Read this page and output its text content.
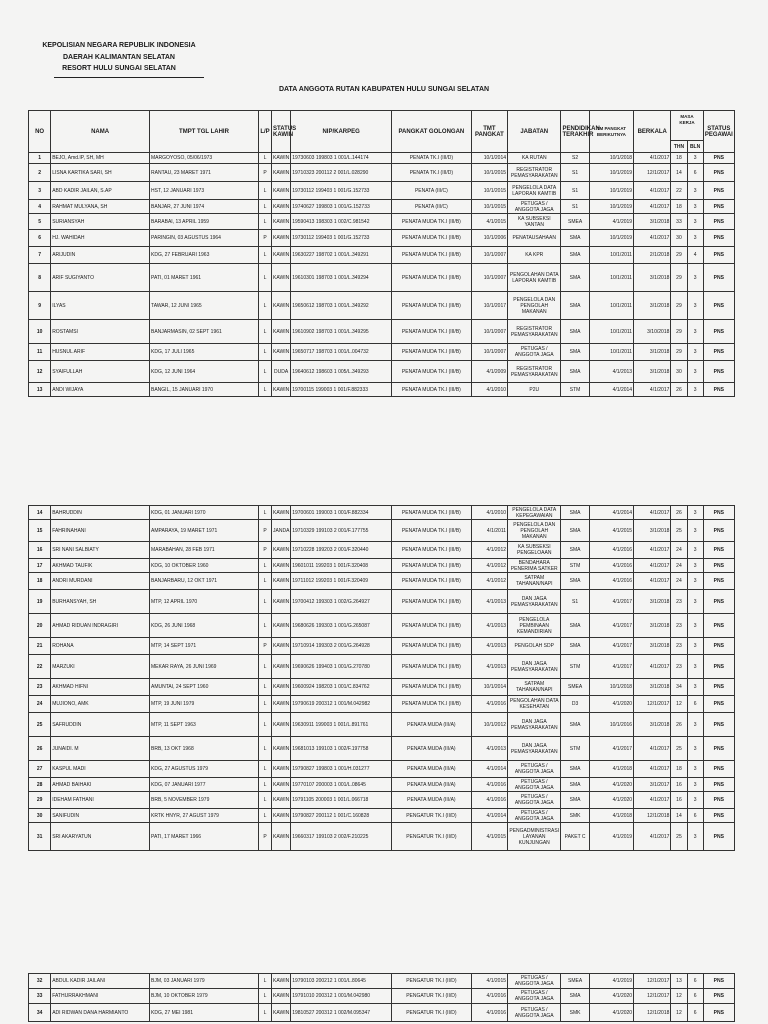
KEPOLISIAN NEGARA REPUBLIK INDONESIA
DAERAH KALIMANTAN SELATAN
RESORT HULU SUNGAI SELATAN
DATA ANGGOTA RUTAN KABUPATEN HULU SUNGAI SELATAN
NO	NAMA	TMPT TGL LAHIR	L/P	STATUS KAWIN	NIP/KARPEG	PANGKAT GOLONGAN	TMT PANGKAT	JABATAN	PENDIDIKAN TERAKHIR	TM PANGKAT BERIKUTNYA	BERKALA	MASA KERJA		STATUS PEGAWAI
												THN	BLN	
1	BEJO, Amd.IP, SH, MH	MARGOYOSO, 05/06/1973	L	KAWIN	19730603 199803 1 001/L.144174	PENATA TK.I (III/D)	10/1/2014	KA RUTAN	S2	10/1/2018	4/1/2017	18	3	PNS
2	LISNA KARTIKA SARI, SH	RANTAU, 23 MARET 1971	P	KAWIN	19710323 200112 2 001/L.028290	PENATA TK.I (III/D)	10/1/2015	REGISTRATOR PEMASYARAKATAN	S1	10/1/2019	12/1/2017	14	6	PNS
3	ABD KADIR JAILAN, S.AP	HST, 12 JANUARI 1973	L	KAWIN	19730112 199403 1 001/G.152733	PENATA (III/C)	10/1/2015	PENGELOLA DATA LAPORAN KAMTIB	S1	10/1/2019	4/1/2017	22	3	PNS
4	RAHMAT MULYANA, SH	BANJAR, 27 JUNI 1974	L	KAWIN	19740627 199803 1 001/G.152733	PENATA (III/C)	10/1/2015	PETUGAS / ANGGOTA JAGA	S1	10/1/2019	4/1/2017	18	3	PNS
5	SURIANSYAH	BARABAI, 13 APRIL 1959	L	KAWIN	19590413 198303 1 002/C.981542	PENATA MUDA TK.I (III/B)	4/1/2015	KA SUBSEKSI YANTAN	SMEA	4/1/2019	3/1/2018	33	3	PNS
6	HJ. WAHIDAH	PARINGIN, 03 AGUSTUS 1964	P	KAWIN	19730112 199403 1 001/G.152733	PENATA MUDA TK.I (III/B)	10/1/2006	PENATAUSAHAAN	SMA	10/1/2019	4/1/2017	30	3	PNS
7	ARIJUDIN	KDG, 27 FEBRUARI 1963	L	KAWIN	19630227 198702 1 001/L.349291	PENATA MUDA TK.I (III/B)	10/1/2007	KA KPR	SMA	10/1/2011	2/1/2018	29	4	PNS
8	ARIF SUGIYANTO	PATI, 01 MARET 1961	L	KAWIN	19610301 198703 1 001/L.349294	PENATA MUDA TK.I (III/B)	10/1/2007	PENGOLAHAN DATA LAPORAN KAMTIB	SMA	10/1/2011	3/1/2018	29	3	PNS
9	ILYAS	TAWAR, 12 JUNI 1965	L	KAWIN	19650612 198703 1 001/L.349292	PENATA MUDA TK.I (III/B)	10/1/2017	PENGELOLA DAN PENGOLAH MAKANAN	SMA	10/1/2011	3/1/2018	29	3	PNS
10	ROSTAMSI	BANJARMASIN, 02 SEPT 1961	L	KAWIN	19610902 198703 1 001/L.349295	PENATA MUDA TK.I (III/B)	10/1/2007	REGISTRATOR PEMASYARAKATAN	SMA	10/1/2011	3/10/2018	29	3	PNS
11	HUSNUL ARIF	KDG, 17 JULI 1965	L	KAWIN	19650717 198703 1 001/L.004732	PENATA MUDA TK.I (III/B)	10/1/2007	PETUGAS / ANGGOTA JAGA	SMA	10/1/2011	3/1/2018	29	3	PNS
12	SYAIFULLAH	KDG, 12 JUNI 1964	L	DUDA	19640612 198603 1 005/L.349293	PENATA MUDA TK.I (III/B)	4/1/2009	REGISTRATOR PEMASYARAKATAN	SMA	4/1/2013	3/1/2018	30	3	PNS
13	ANDI WIJAYA	BANGIL, 15 JANUARI 1970	L	KAWIN	19700115 199003 1 001/F.882333	PENATA MUDA TK.I (III/B)	4/1/2010	P2U	STM	4/1/2014	4/1/2017	26	3	PNS
14	BAHRUDDIN	KDG, 01 JANUARI 1970	L	KAWIN	19700601 199003 1 001/F.882334	PENATA MUDA TK.I (III/B)	4/1/2010	PENGELOLA DATA KEPEGAWAIAN	SMA	4/1/2014	4/1/2017	26	3	PNS
15	FAHRINAHANI	AMPARAYA, 19 MARET 1971	P	JANDA	19710329 199103 2 001/F.177755	PENATA MUDA TK.I (III/B)	4/1/2011	PENGELOLA DAN PENGOLAH MAKANAN	SMA	4/1/2015	3/1/2018	25	3	PNS
16	SRI NANI SALBIATY	MARABAHAN, 28 FEB 1971	P	KAWIN	19710228 199203 2 001/F.320440	PENATA MUDA TK.I (III/B)	4/1/2012	KA SUBSEKSI PENGELOAAN	SMA	4/1/2016	4/1/2017	24	3	PNS
17	AKHMAD TAUFIK	KDG, 10 OKTOBER 1960	L	KAWIN	19601011 199203 1 001/F.320408	PENATA MUDA TK.I (III/B)	4/1/2012	BENDAHARA PENERIMA SATKER	STM	4/1/2016	4/1/2017	24	3	PNS
18	ANDRI MURDANI	BANJARBARU, 12 OKT 1971	L	KAWIN	19711012 199203 1 001/F.320409	PENATA MUDA TK.I (III/B)	4/1/2012	SATPAM TAHANAN/NAPI	SMA	4/1/2016	4/1/2017	24	3	PNS
19	BURHANSYAH, SH	MTP, 12 APRIL 1970	L	KAWIN	19700412 199303 1 002/G.264927	PENATA MUDA TK.I (III/B)	4/1/2013	DAN JAGA PEMASYARAKATAN	S1	4/1/2017	3/1/2018	23	3	PNS
20	AHMAD RIDUAN INDRAGIRI	KDG, 26 JUNI 1968	L	KAWIN	19680626 199303 1 001/G.265087	PENATA MUDA TK.I (III/B)	4/1/2013	PENGELOLA PEMBINAAN KEMANDIRIAN	SMA	4/1/2017	3/1/2018	23	3	PNS
21	ROHANA	MTP, 14 SEPT 1971	P	KAWIN	19710914 199303 2 001/G.264928	PENATA MUDA TK.I (III/B)	4/1/2013	PENGOLAH SDP	SMA	4/1/2017	3/1/2018	23	3	PNS
22	MARZUKI	MEKAR RAYA, 26 JUNI 1969	L	KAWIN	19690626 199403 1 001/G.270780	PENATA MUDA TK.I (III/B)	4/1/2013	DAN JAGA PEMASYARAKATAN	STM	4/1/2017	4/1/2017	23	3	PNS
23	AKHMAD HIFNI	AMUNTAI, 24 SEPT 1960	L	KAWIN	19600924 198203 1 001/C.834762	PENATA MUDA TK.I (III/B)	10/1/2014	SATPAM TAHANAN/NAPI	SMEA	10/1/2018	3/1/2018	34	3	PNS
24	MUJIONO, AMK	MTP, 19 JUNI 1979	L	KAWIN	19790619 200312 1 001/M.042982	PENATA MUDA TK.I (III/B)	4/1/2016	PENGOLAHAN DATA KESEHATAN	D3	4/1/2020	12/1/2017	12	6	PNS
25	SAFRUDDIN	MTP, 11 SEPT 1963	L	KAWIN	19630911 199003 1 001/L.891761	PENATA MUDA (III/A)	10/1/2012	DAN JAGA PEMASYARAKATAN	SMA	10/1/2016	3/1/2018	26	3	PNS
26	JUNAIDI. M	BRB, 13 OKT 1968	L	KAWIN	19681013 199103 1 002/F.197758	PENATA MUDA (III/A)	4/1/2013	DAN JAGA PEMASYARAKATAN	STM	4/1/2017	4/1/2017	25	3	PNS
27	KASPUL MADI	KDG, 27 AGUSTUS 1979	L	KAWIN	19790827 199803 1 001/H.031277	PENATA MUDA (III/A)	4/1/2014	PETUGAS / ANGGOTA JAGA	SMA	4/1/2018	4/1/2017	18	3	PNS
28	AHMAD BAIHAKI	KDG, 07 JANUARI 1977	L	KAWIN	19770107 200003 1 001/L.08645	PENATA MUDA (III/A)	4/1/2016	PETUGAS / ANGGOTA JAGA	SMA	4/1/2020	3/1/2017	16	3	PNS
29	IDEHAM FATHANI	BRB, 5 NOVEMBER 1979	L	KAWIN	19791105 200003 1 001/L.066718	PENATA MUDA (III/A)	4/1/2016	PETUGAS / ANGGOTA JAGA	SMA	4/1/2020	4/1/2017	16	3	PNS
30	SANIFUDIN	KRTK HNYR, 27 AGUST 1979	L	KAWIN	19790827 200112 1 001/C.160828	PENGATUR TK.I (II/D)	4/1/2014	PETUGAS / ANGGOTA JAGA	SMK	4/1/2018	12/1/2018	14	6	PNS
31	SRI AKARYATUN	PATI, 17 MARET 1966	P	KAWIN	19660317 199103 2 002/F.210225	PENGATUR TK.I (II/D)	4/1/2015	PENGADMINISTRASI LAYANAN KUNJUNGAN	PAKET C	4/1/2019	4/1/2017	25	3	PNS
32	ABDUL KADIR JAILANI	BJM, 03 JANUARI 1979	L	KAWIN	19790103 200212 1 001/L.80645	PENGATUR TK.I (II/D)	4/1/2015	PETUGAS / ANGGOTA JAGA	SMEA	4/1/2019	12/1/2017	13	6	PNS
33	FATHURRAKHMANI	BJM, 10 OKTOBER 1979	L	KAWIN	19791010 200312 1 001/M.042980	PENGATUR TK.I (II/D)	4/1/2016	PETUGAS / ANGGOTA JAGA	SMA	4/1/2020	12/1/2017	12	6	PNS
34	ADI RIDWAN DANA HARMIANTO	KDG, 27 MEI 1981	L	KAWIN	19810527 200312 1 002/M.095347	PENGATUR TK.I (II/D)	4/1/2016	PETUGAS / ANGGOTA JAGA	SMK	4/1/2020	12/1/2018	12	6	PNS
